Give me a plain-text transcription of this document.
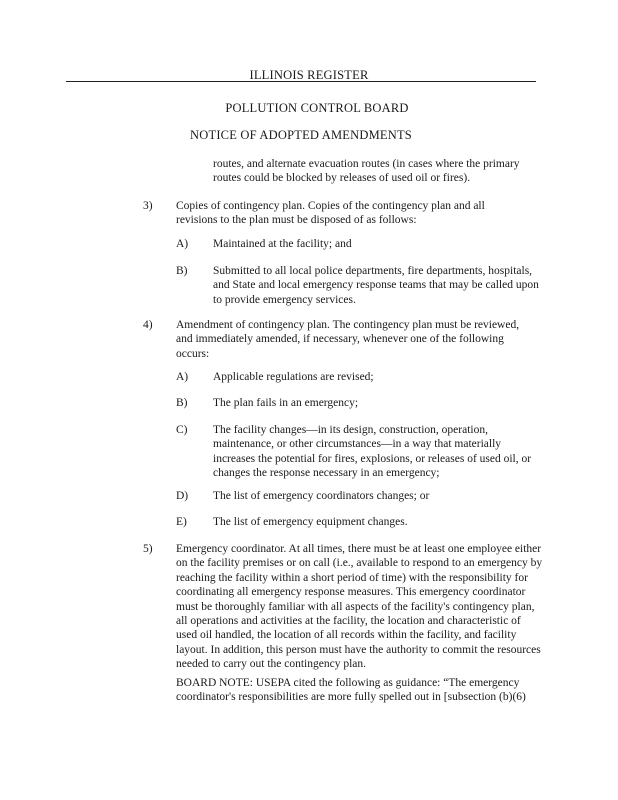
ILLINOIS REGISTER
POLLUTION CONTROL BOARD
NOTICE OF ADOPTED AMENDMENTS
routes, and alternate evacuation routes (in cases where the primary routes could be blocked by releases of used oil or fires).
3) Copies of contingency plan. Copies of the contingency plan and all revisions to the plan must be disposed of as follows:
A) Maintained at the facility; and
B) Submitted to all local police departments, fire departments, hospitals, and State and local emergency response teams that may be called upon to provide emergency services.
4) Amendment of contingency plan. The contingency plan must be reviewed, and immediately amended, if necessary, whenever one of the following occurs:
A) Applicable regulations are revised;
B) The plan fails in an emergency;
C) The facility changes—in its design, construction, operation, maintenance, or other circumstances—in a way that materially increases the potential for fires, explosions, or releases of used oil, or changes the response necessary in an emergency;
D) The list of emergency coordinators changes; or
E) The list of emergency equipment changes.
5) Emergency coordinator. At all times, there must be at least one employee either on the facility premises or on call (i.e., available to respond to an emergency by reaching the facility within a short period of time) with the responsibility for coordinating all emergency response measures. This emergency coordinator must be thoroughly familiar with all aspects of the facility's contingency plan, all operations and activities at the facility, the location and characteristic of used oil handled, the location of all records within the facility, and facility layout. In addition, this person must have the authority to commit the resources needed to carry out the contingency plan.
BOARD NOTE: USEPA cited the following as guidance: “The emergency coordinator's responsibilities are more fully spelled out in [subsection (b)(6)
